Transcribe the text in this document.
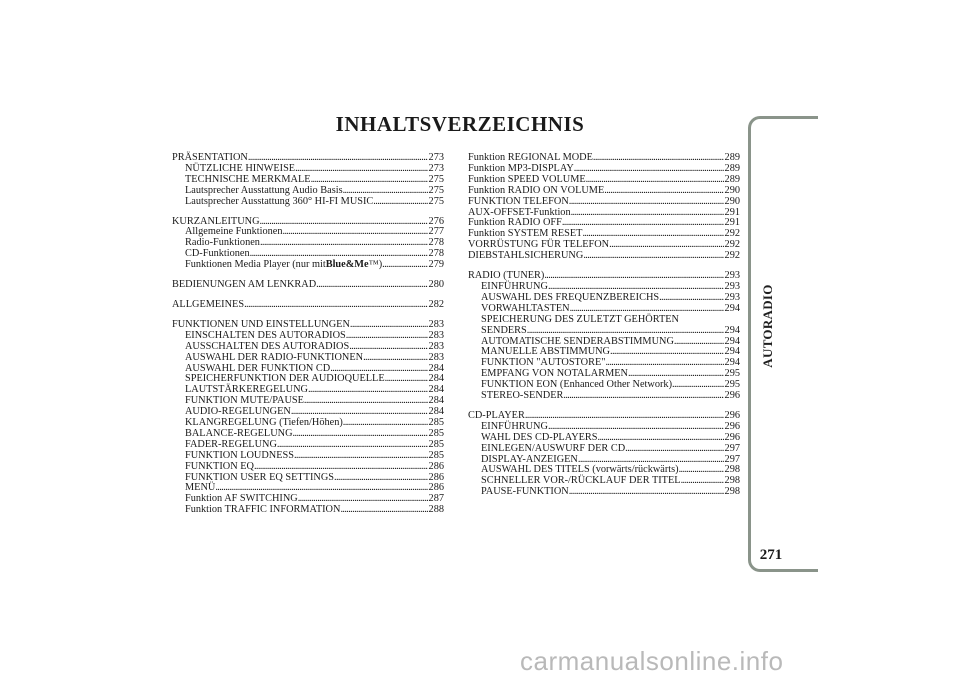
INHALTSVERZEICHNIS
PRÄSENTATION . . .	273
NÜTZLICHE HINWEISE . . .	273
TECHNISCHE MERKMALE . . .	275
Lautsprecher Ausstattung Audio Basis . . .	275
Lautsprecher Ausstattung 360° HI-FI MUSIC . . .	275
KURZANLEITUNG . . .	276
Allgemeine Funktionen . . .	277
Radio-Funktionen . . .	278
CD-Funktionen . . .	278
Funktionen Media Player (nur mit Blue&Me ™) . . .	279
BEDIENUNGEN AM LENKRAD . . .	280
ALLGEMEINES . . .	282
FUNKTIONEN UND EINSTELLUNGEN . . .	283
EINSCHALTEN DES AUTORADIOS . . .	283
AUSSCHALTEN DES AUTORADIOS . . .	283
AUSWAHL DER RADIO-FUNKTIONEN . . .	283
AUSWAHL DER FUNKTION CD . . .	284
SPEICHERFUNKTION DER AUDIOQUELLE . . .	284
LAUTSTÄRKEREGELUNG . . .	284
FUNKTION MUTE/PAUSE . . .	284
AUDIO-REGELUNGEN . . .	284
KLANGREGELUNG (Tiefen/Höhen) . . .	285
BALANCE-REGELUNG . . .	285
FADER-REGELUNG . . .	285
FUNKTION LOUDNESS . . .	285
FUNKTION EQ . . .	286
FUNKTION USER EQ SETTINGS . . .	286
MENÜ . . .	286
Funktion AF SWITCHING . . .	287
Funktion TRAFFIC INFORMATION . . .	288
Funktion REGIONAL MODE . . .	289
Funktion MP3-DISPLAY . . .	289
Funktion SPEED VOLUME . . .	289
Funktion RADIO ON VOLUME . . .	290
FUNKTION TELEFON . . .	290
AUX-OFFSET-Funktion . . .	291
Funktion RADIO OFF . . .	291
Funktion SYSTEM RESET . . .	292
VORRÜSTUNG FÜR TELEFON . . .	292
DIEBSTAHLSICHERUNG . . .	292
RADIO (TUNER) . . .	293
EINFÜHRUNG . . .	293
AUSWAHL DES FREQUENZBEREICHS . . .	293
VORWAHLTASTEN . . .	294
SPEICHERUNG DES ZULETZT GEHÖRTEN
SENDERS . . .	294
AUTOMATISCHE SENDERABSTIMMUNG . . .	294
MANUELLE ABSTIMMUNG . . .	294
FUNKTION "AUTOSTORE" . . .	294
EMPFANG VON NOTALARMEN . . .	295
FUNKTION EON (Enhanced Other Network) . . .	295
STEREO-SENDER . . .	296
CD-PLAYER . . .	296
EINFÜHRUNG . . .	296
WAHL DES CD-PLAYERS . . .	296
EINLEGEN/AUSWURF DER CD . . .	297
DISPLAY-ANZEIGEN . . .	297
AUSWAHL DES TITELS (vorwärts/rückwärts) . . .	298
SCHNELLER VOR-/RÜCKLAUF DER TITEL . . .	298
PAUSE-FUNKTION . . .	298
AUTORADIO
271
carmanualsonline.info
